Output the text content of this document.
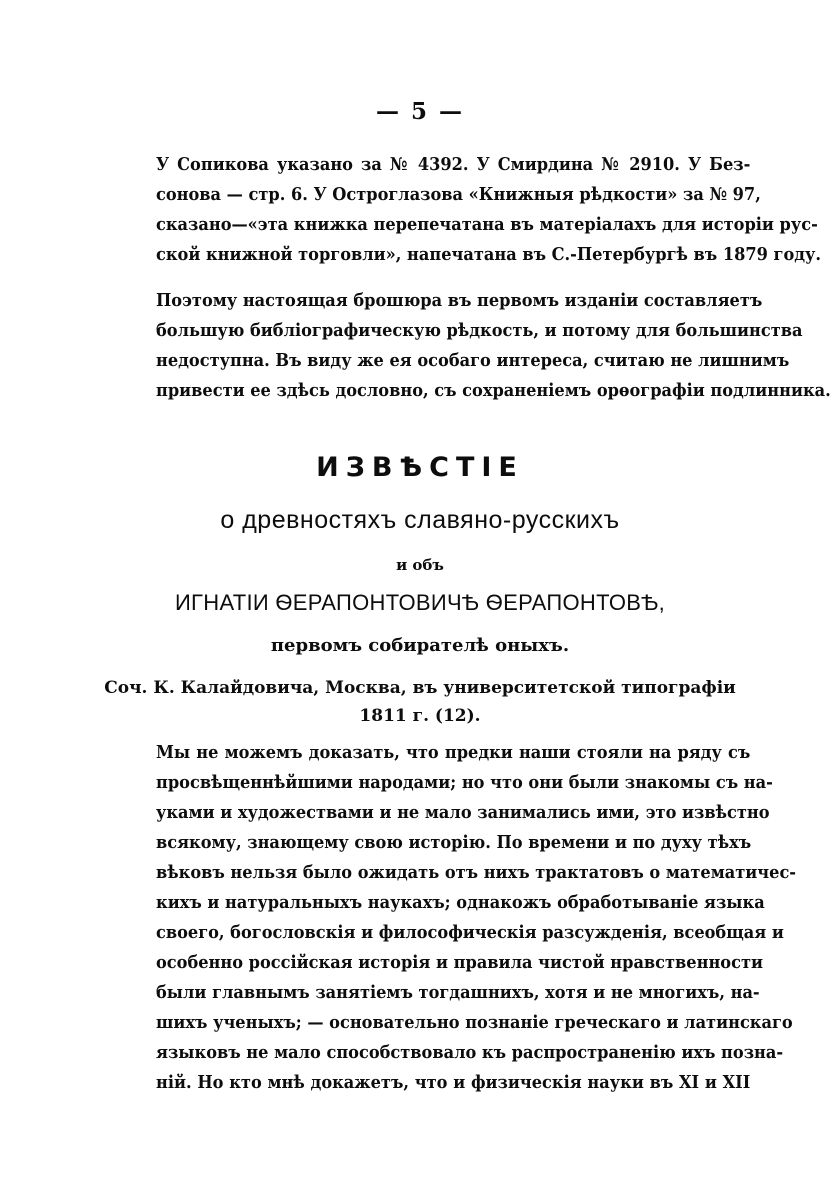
— 5 —
У Сопикова указано за № 4392. У Смирдина № 2910. У Без-
сонова — стр. 6. У Остроглазова «Книжныя рѣдкости» за № 97,
сказано—«эта книжка перепечатана въ матеріалахъ для исторіи рус-
ской книжной торговли», напечатана въ С.-Петербургѣ въ 1879 году.
Поэтому настоящая брошюра въ первомъ изданіи составляетъ
большую библіографическую рѣдкость, и потому для большинства
недоступна. Въ виду же ея особаго интереса, считаю не лишнимъ
привести ее здѣсь дословно, съ сохраненіемъ орѳографіи подлинника.
ИЗВѢСТІЕ
о древностяхъ славяно-русскихъ
и объ
ИГНАТІИ ѲЕРАПОНТОВИЧѢ ѲЕРАПОНТОВѢ,
первомъ собирателѣ оныхъ.
Соч. К. Калайдовича, Москва, въ университетской типографіи
1811 г. (12).
Мы не можемъ доказать, что предки наши стояли на ряду съ
просвѣщеннѣйшими народами; но что они были знакомы съ на-
уками и художествами и не мало занимались ими, это извѣстно
всякому, знающему свою исторію. По времени и по духу тѣхъ
вѣковъ нельзя было ожидать отъ нихъ трактатовъ о математичес-
кихъ и натуральныхъ наукахъ; однакожъ обработываніе языка
своего, богословскія и философическія разсужденія, всеобщая и
особенно россійская исторія и правила чистой нравственности
были главнымъ занятіемъ тогдашнихъ, хотя и не многихъ, на-
шихъ ученыхъ; — основательно познаніе греческаго и латинскаго
языковъ не мало способствовало къ распространенію ихъ позна-
ній. Но кто мнѣ докажетъ, что и физическія науки въ XI и XII
